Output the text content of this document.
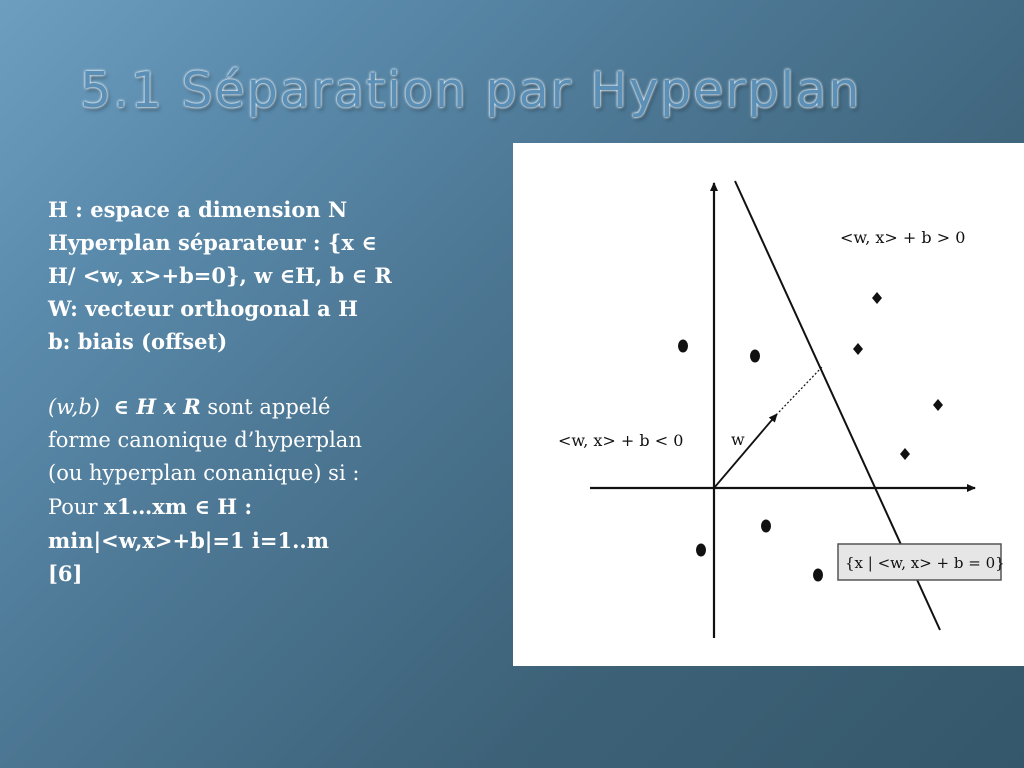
5.1 Séparation par Hyperplan
H : espace a dimension N
Hyperplan séparateur : {x ∈
H/ <w, x>+b=0}, w ∈H, b ∈ R
W: vecteur orthogonal a H
b: biais (offset)
(w,b) ∈ H x R sont appelé
forme canonique d’hyperplan
(ou hyperplan conanique) si :
Pour x1…xm ∈ H :
min|<w,x>+b|=1 i=1..m
[6]
<w, x> + b > 0
<w, x> + b < 0	w
{x | <w, x> + b = 0}
